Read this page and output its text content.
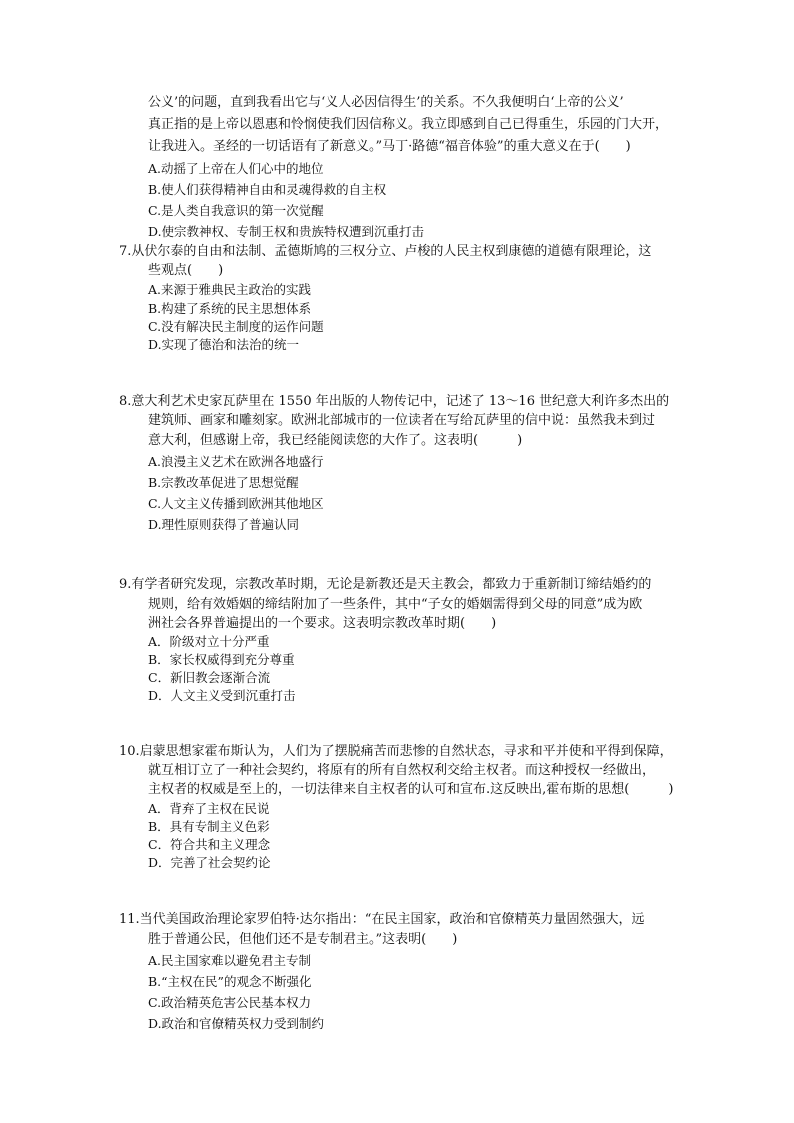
公义’的问题，直到我看出它与‘义人必因信得生’的关系。不久我便明白‘上帝的公义’
真正指的是上帝以恩惠和怜悯使我们因信称义。我立即感到自己已得重生，乐园的门大开，
让我进入。圣经的一切话语有了新意义。”马丁·路德“福音体验”的重大意义在于(　　)
A.动摇了上帝在人们心中的地位
B.使人们获得精神自由和灵魂得救的自主权
C.是人类自我意识的第一次觉醒
D.使宗教神权、专制王权和贵族特权遭到沉重打击
7.从伏尔泰的自由和法制、孟德斯鸠的三权分立、卢梭的人民主权到康德的道德有限理论，这
些观点(　　)
A.来源于雅典民主政治的实践
B.构建了系统的民主思想体系
C.没有解决民主制度的运作问题
D.实现了德治和法治的统一
8.意大利艺术史家瓦萨里在 1550 年出版的人物传记中，记述了 13～16 世纪意大利许多杰出的
建筑师、画家和雕刻家。欧洲北部城市的一位读者在写给瓦萨里的信中说：虽然我未到过
意大利，但感谢上帝，我已经能阅读您的大作了。这表明(　　　)
A.浪漫主义艺术在欧洲各地盛行
B.宗教改革促进了思想觉醒
C.人文主义传播到欧洲其他地区
D.理性原则获得了普遍认同
9.有学者研究发现，宗教改革时期，无论是新教还是天主教会，都致力于重新制订缔结婚约的
规则，给有效婚姻的缔结附加了一些条件，其中“子女的婚姻需得到父母的同意”成为欧
洲社会各界普遍提出的一个要求。这表明宗教改革时期(　　)
A．阶级对立十分严重
B．家长权威得到充分尊重
C．新旧教会逐渐合流
D．人文主义受到沉重打击
10.启蒙思想家霍布斯认为，人们为了摆脱痛苦而悲惨的自然状态，寻求和平并使和平得到保障，
就互相订立了一种社会契约，将原有的所有自然权利交给主权者。而这种授权一经做出，
主权者的权威是至上的，一切法律来自主权者的认可和宣布.这反映出,霍布斯的思想(　　　)
A．背弃了主权在民说
B．具有专制主义色彩
C．符合共和主义理念
D．完善了社会契约论
11.当代美国政治理论家罗伯特·达尔指出：“在民主国家，政治和官僚精英力量固然强大，远
胜于普通公民，但他们还不是专制君主。”这表明(　　)
A.民主国家难以避免君主专制
B.“主权在民”的观念不断强化
C.政治精英危害公民基本权力
D.政治和官僚精英权力受到制约
